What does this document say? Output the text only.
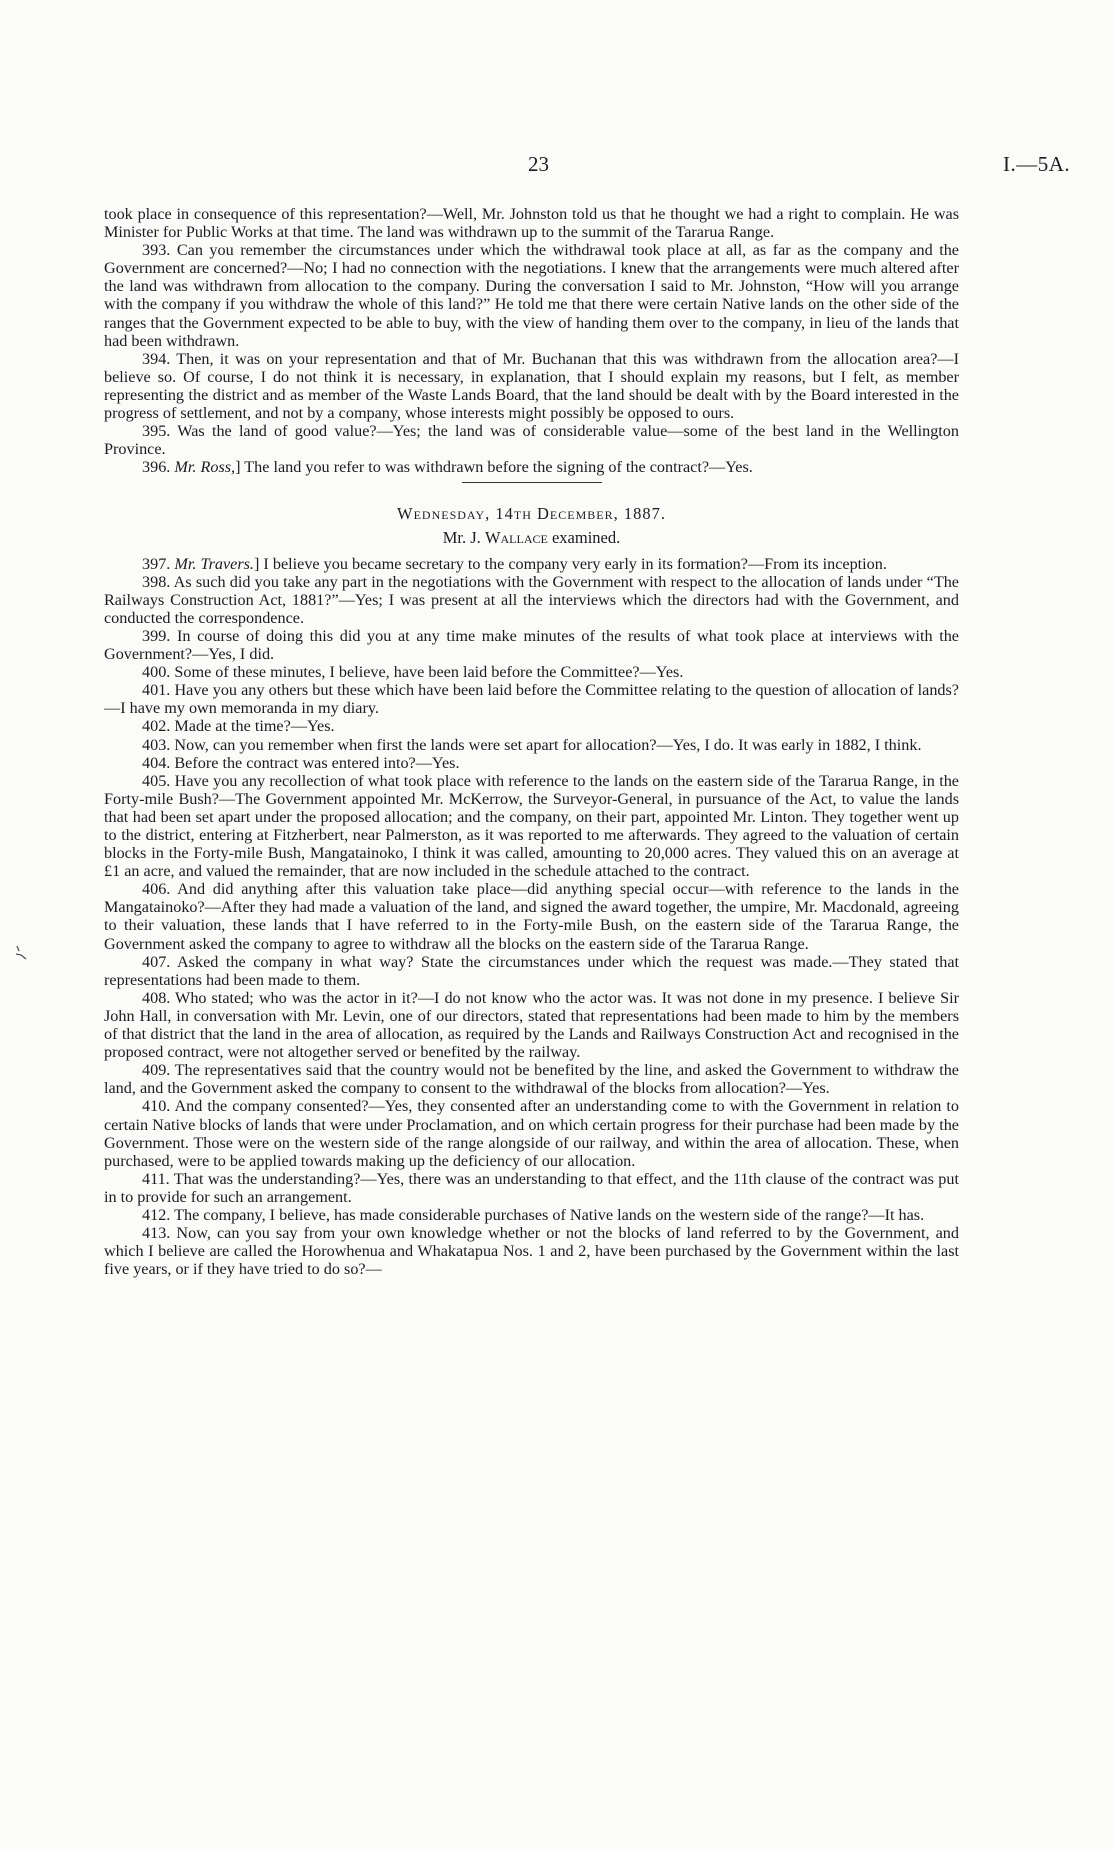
23	I.—5A.

took place in consequence of this representation?—Well, Mr. Johnston told us that he thought we had a right to complain. He was Minister for Public Works at that time. The land was withdrawn up to the summit of the Tararua Range.

393. Can you remember the circumstances under which the withdrawal took place at all, as far as the company and the Government are concerned?—No; I had no connection with the negotiations. I knew that the arrangements were much altered after the land was withdrawn from allocation to the company. During the conversation I said to Mr. Johnston, “How will you arrange with the company if you withdraw the whole of this land?” He told me that there were certain Native lands on the other side of the ranges that the Government expected to be able to buy, with the view of handing them over to the company, in lieu of the lands that had been withdrawn.

394. Then, it was on your representation and that of Mr. Buchanan that this was withdrawn from the allocation area?—I believe so. Of course, I do not think it is necessary, in explanation, that I should explain my reasons, but I felt, as member representing the district and as member of the Waste Lands Board, that the land should be dealt with by the Board interested in the progress of settlement, and not by a company, whose interests might possibly be opposed to ours.

395. Was the land of good value?—Yes; the land was of considerable value—some of the best land in the Wellington Province.

396. Mr. Ross,] The land you refer to was withdrawn before the signing of the contract?—Yes.

Wednesday, 14th December, 1887.

Mr. J. Wallace examined.

397. Mr. Travers.] I believe you became secretary to the company very early in its formation?—From its inception.

398. As such did you take any part in the negotiations with the Government with respect to the allocation of lands under “The Railways Construction Act, 1881?”—Yes; I was present at all the interviews which the directors had with the Government, and conducted the correspondence.

399. In course of doing this did you at any time make minutes of the results of what took place at interviews with the Government?—Yes, I did.

400. Some of these minutes, I believe, have been laid before the Committee?—Yes.

401. Have you any others but these which have been laid before the Committee relating to the question of allocation of lands?—I have my own memoranda in my diary.

402. Made at the time?—Yes.

403. Now, can you remember when first the lands were set apart for allocation?—Yes, I do. It was early in 1882, I think.

404. Before the contract was entered into?—Yes.

405. Have you any recollection of what took place with reference to the lands on the eastern side of the Tararua Range, in the Forty-mile Bush?—The Government appointed Mr. McKerrow, the Surveyor-General, in pursuance of the Act, to value the lands that had been set apart under the proposed allocation; and the company, on their part, appointed Mr. Linton. They together went up to the district, entering at Fitzherbert, near Palmerston, as it was reported to me afterwards. They agreed to the valuation of certain blocks in the Forty-mile Bush, Mangatainoko, I think it was called, amounting to 20,000 acres. They valued this on an average at £1 an acre, and valued the remainder, that are now included in the schedule attached to the contract.

406. And did anything after this valuation take place—did anything special occur—with reference to the lands in the Mangatainoko?—After they had made a valuation of the land, and signed the award together, the umpire, Mr. Macdonald, agreeing to their valuation, these lands that I have referred to in the Forty-mile Bush, on the eastern side of the Tararua Range, the Government asked the company to agree to withdraw all the blocks on the eastern side of the Tararua Range.

407. Asked the company in what way? State the circumstances under which the request was made.—They stated that representations had been made to them.

408. Who stated; who was the actor in it?—I do not know who the actor was. It was not done in my presence. I believe Sir John Hall, in conversation with Mr. Levin, one of our directors, stated that representations had been made to him by the members of that district that the land in the area of allocation, as required by the Lands and Railways Construction Act and recognised in the proposed contract, were not altogether served or benefited by the railway.

409. The representatives said that the country would not be benefited by the line, and asked the Government to withdraw the land, and the Government asked the company to consent to the withdrawal of the blocks from allocation?—Yes.

410. And the company consented?—Yes, they consented after an understanding come to with the Government in relation to certain Native blocks of lands that were under Proclamation, and on which certain progress for their purchase had been made by the Government. Those were on the western side of the range alongside of our railway, and within the area of allocation. These, when purchased, were to be applied towards making up the deficiency of our allocation.

411. That was the understanding?—Yes, there was an understanding to that effect, and the 11th clause of the contract was put in to provide for such an arrangement.

412. The company, I believe, has made considerable purchases of Native lands on the western side of the range?—It has.

413. Now, can you say from your own knowledge whether or not the blocks of land referred to by the Government, and which I believe are called the Horowhenua and Whakatapua Nos. 1 and 2, have been purchased by the Government within the last five years, or if they have tried to do so?—
